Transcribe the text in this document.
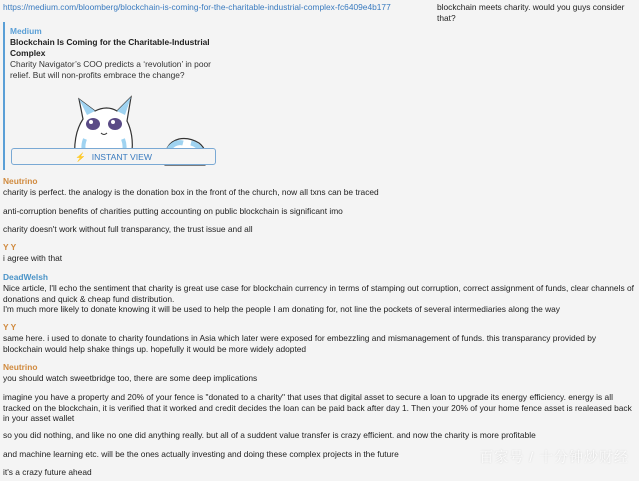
https://medium.com/bloomberg/blockchain-is-coming-for-the-charitable-industrial-complex-fc6409e4b177	blockchain meets charity. would you guys consider that?
Medium
Blockchain Is Coming for the Charitable-Industrial Complex
Charity Navigator’s COO predicts a ‘revolution’ in poor relief. But will non-profits embrace the change?
⚡ INSTANT VIEW
Neutrino
charity is perfect. the analogy is the donation box in the front of the church, now all txns can be traced
anti-corruption benefits of charities putting accounting on public blockchain is significant imo
charity doesn't work without full transparancy, the trust issue and all
Y Y
i agree with that
DeadWelsh
Nice article, I'll echo the sentiment that charity is great use case for blockchain currency in terms of stamping out corruption, correct assignment of funds, clear channels of donations and quick & cheap fund distribution.
I'm much more likely to donate knowing it will be used to help the people I am donating for, not line the pockets of several intermediaries along the way
Y Y
same here. i used to donate to charity foundations in Asia which later were exposed for embezzling and mismanagement of funds. this transparancy provided by blockchain would help shake things up. hopefully it would be more widely adopted
Neutrino
you should watch sweetbridge too, there are some deep implications
imagine you have a property and 20% of your fence is "donated to a charity" that uses that digital asset to secure a loan to upgrade its energy efficiency. energy is all tracked on the blockchain, it is verified that it worked and credit decides the loan can be paid back after day 1. Then your 20% of your home fence asset is realeased back in your asset wallet
so you did nothing, and like no one did anything really. but all of a suddent value transfer is crazy efficient. and now the charity is more profitable
and machine learning etc. will be the ones actually investing and doing these complex projects in the future
it's a crazy future ahead
百家号 / 十分钟炒财经
